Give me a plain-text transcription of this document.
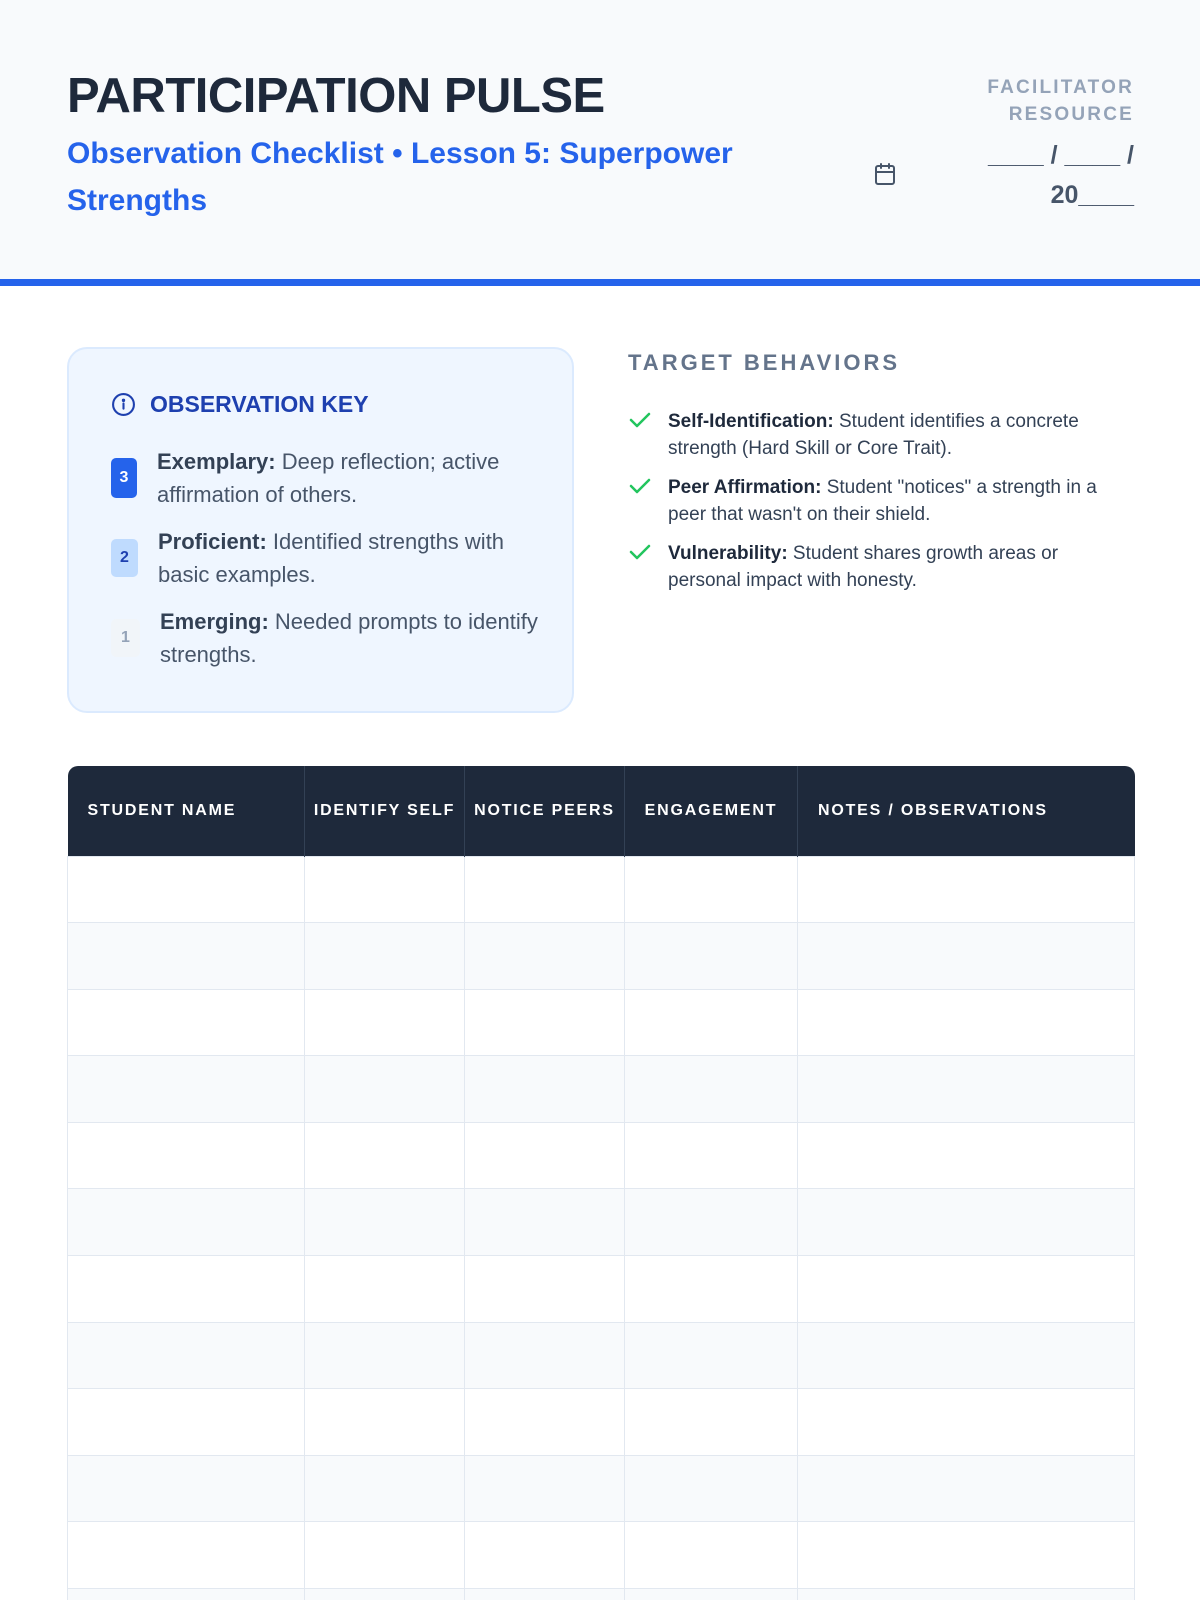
PARTICIPATION PULSE
Observation Checklist • Lesson 5: Superpower Strengths
FACILITATOR RESOURCE
____ / ____ /
20____
OBSERVATION KEY
3
Exemplary: Deep reflection; active affirmation of others.
2
Proficient: Identified strengths with basic examples.
1
Emerging: Needed prompts to identify strengths.
TARGET BEHAVIORS
Self-Identification: Student identifies a concrete strength (Hard Skill or Core Trait).
Peer Affirmation: Student "notices" a strength in a peer that wasn't on their shield.
Vulnerability: Student shares growth areas or personal impact with honesty.
STUDENT NAME	IDENTIFY SELF	NOTICE PEERS	ENGAGEMENT	NOTES / OBSERVATIONS
